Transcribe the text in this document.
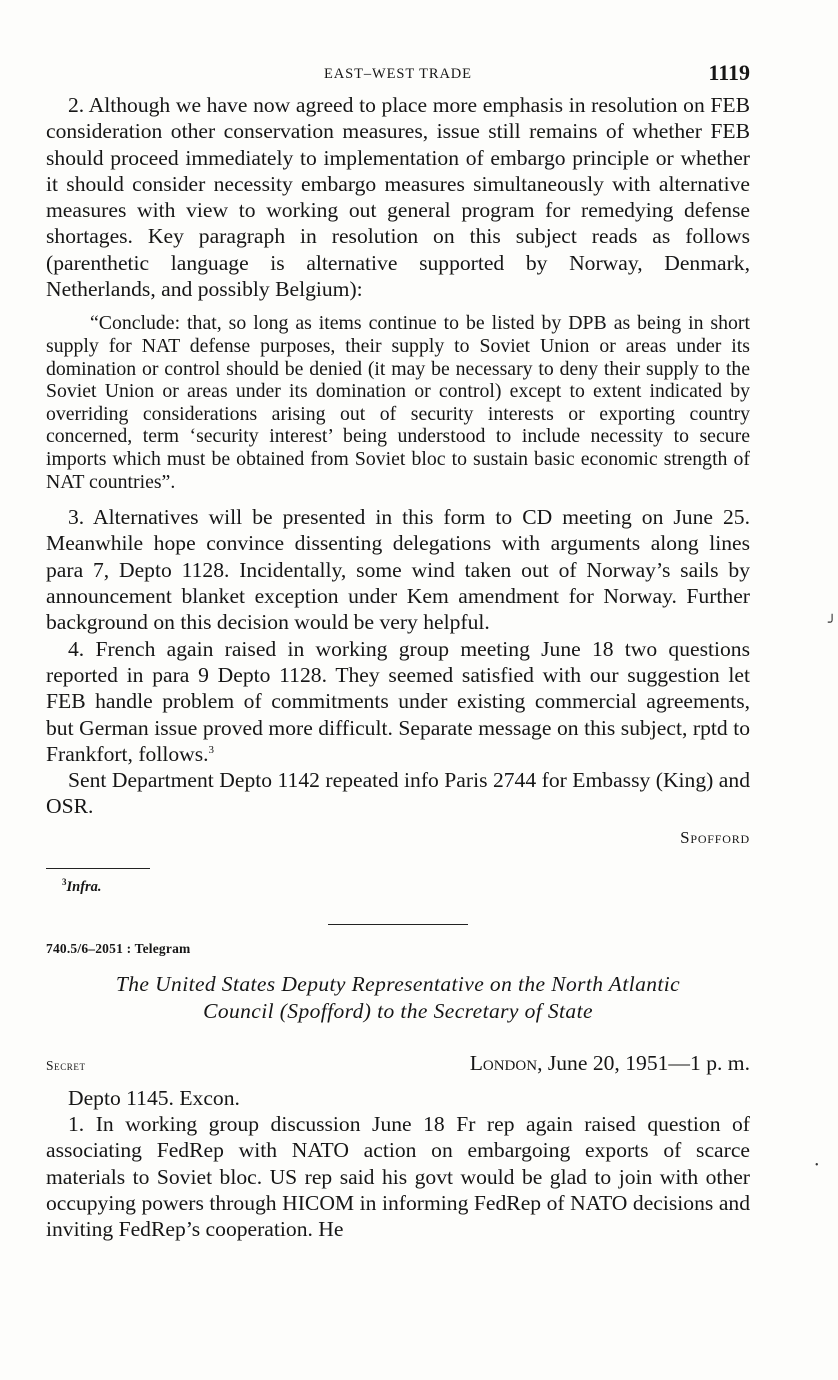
EAST–WEST TRADE	1119

2. Although we have now agreed to place more emphasis in resolution on FEB consideration other conservation measures, issue still remains of whether FEB should proceed immediately to implementation of embargo principle or whether it should consider necessity embargo measures simultaneously with alternative measures with view to working out general program for remedying defense shortages. Key paragraph in resolution on this subject reads as follows (parenthetic language is alternative supported by Norway, Denmark, Netherlands, and possibly Belgium):

“Conclude: that, so long as items continue to be listed by DPB as being in short supply for NAT defense purposes, their supply to Soviet Union or areas under its domination or control should be denied (it may be necessary to deny their supply to the Soviet Union or areas under its domination or control) except to extent indicated by overriding considerations arising out of security interests or exporting country concerned, term ‘security interest’ being understood to include necessity to secure imports which must be obtained from Soviet bloc to sustain basic economic strength of NAT countries”.

3. Alternatives will be presented in this form to CD meeting on June 25. Meanwhile hope convince dissenting delegations with arguments along lines para 7, Depto 1128. Incidentally, some wind taken out of Norway’s sails by announcement blanket exception under Kem amendment for Norway. Further background on this decision would be very helpful.

4. French again raised in working group meeting June 18 two questions reported in para 9 Depto 1128. They seemed satisfied with our suggestion let FEB handle problem of commitments under existing commercial agreements, but German issue proved more difficult. Separate message on this subject, rptd to Frankfort, follows.$^3$

Sent Department Depto 1142 repeated info Paris 2744 for Embassy (King) and OSR.

Spofford
$^3$Infra.
740.5/6–2051 : Telegram
The United States Deputy Representative on the North Atlantic
Council (Spofford) to the Secretary of State
Secret	London, June 20, 1951—1 p. m.

Depto 1145. Excon.

1. In working group discussion June 18 Fr rep again raised question of associating FedRep with NATO action on embargoing exports of scarce materials to Soviet bloc. US rep said his govt would be glad to join with other occupying powers through HICOM in informing FedRep of NATO decisions and inviting FedRep’s cooperation. He

╯
•
